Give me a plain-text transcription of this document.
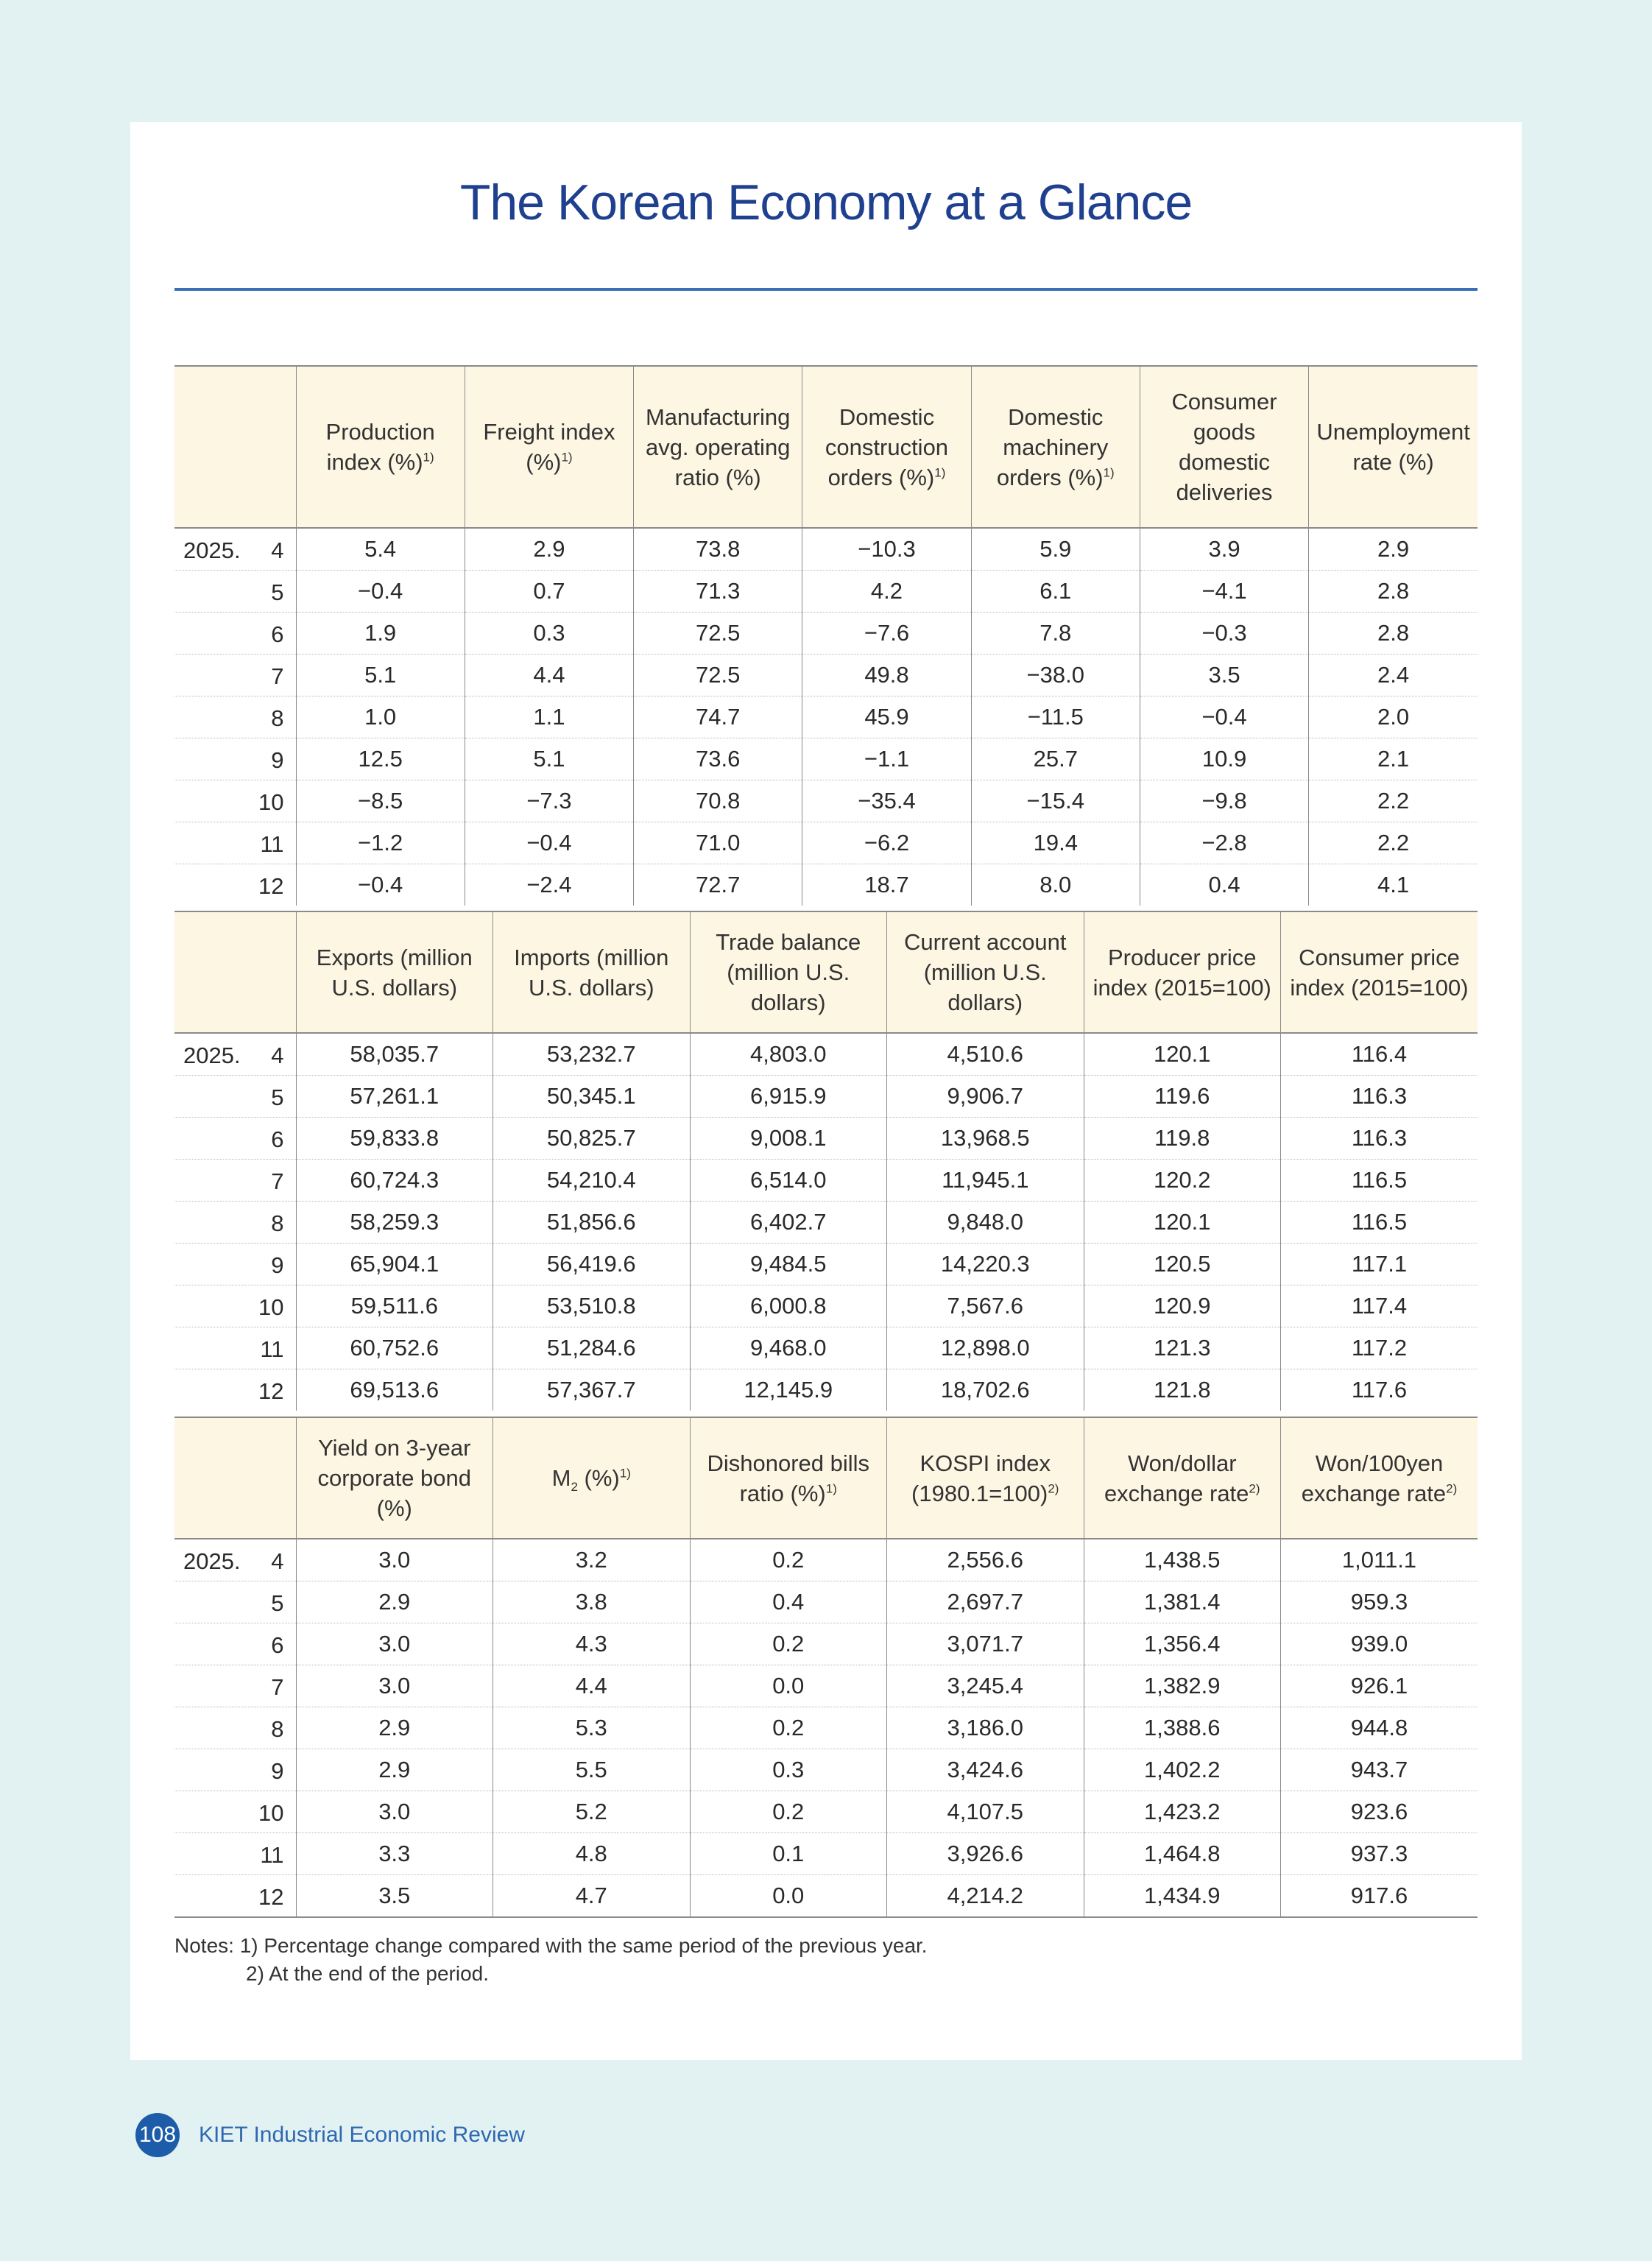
The Korean Economy at a Glance
	Production index (%)$^{1)}$	Freight index (%)$^{1)}$	Manufacturing avg. operating ratio (%)	Domestic construction orders (%)$^{1)}$	Domestic machinery orders (%)$^{1)}$	Consumer goods domestic deliveries	Unemployment rate (%)

2025. 4	5.4	2.9	73.8	−10.3	5.9	3.9	2.9

5	−0.4	0.7	71.3	4.2	6.1	−4.1	2.8

6	1.9	0.3	72.5	−7.6	7.8	−0.3	2.8

7	5.1	4.4	72.5	49.8	−38.0	3.5	2.4

8	1.0	1.1	74.7	45.9	−11.5	−0.4	2.0

9	12.5	5.1	73.6	−1.1	25.7	10.9	2.1

10	−8.5	−7.3	70.8	−35.4	−15.4	−9.8	2.2

11	−1.2	−0.4	71.0	−6.2	19.4	−2.8	2.2

12	−0.4	−2.4	72.7	18.7	8.0	0.4	4.1
	Exports (million U.S. dollars)	Imports (million U.S. dollars)	Trade balance (million U.S. dollars)	Current account (million U.S. dollars)	Producer price index (2015=100)	Consumer price index (2015=100)

2025. 4	58,035.7	53,232.7	4,803.0	4,510.6	120.1	116.4

5	57,261.1	50,345.1	6,915.9	9,906.7	119.6	116.3

6	59,833.8	50,825.7	9,008.1	13,968.5	119.8	116.3

7	60,724.3	54,210.4	6,514.0	11,945.1	120.2	116.5

8	58,259.3	51,856.6	6,402.7	9,848.0	120.1	116.5

9	65,904.1	56,419.6	9,484.5	14,220.3	120.5	117.1

10	59,511.6	53,510.8	6,000.8	7,567.6	120.9	117.4

11	60,752.6	51,284.6	9,468.0	12,898.0	121.3	117.2

12	69,513.6	57,367.7	12,145.9	18,702.6	121.8	117.6
	Yield on 3-year corporate bond (%)	$M_2$ (%)$^{1)}$	Dishonored bills ratio (%)$^{1)}$	KOSPI index (1980.1=100)$^{2)}$	Won/dollar exchange rate$^{2)}$	Won/100yen exchange rate$^{2)}$

2025. 4	3.0	3.2	0.2	2,556.6	1,438.5	1,011.1

5	2.9	3.8	0.4	2,697.7	1,381.4	959.3

6	3.0	4.3	0.2	3,071.7	1,356.4	939.0

7	3.0	4.4	0.0	3,245.4	1,382.9	926.1

8	2.9	5.3	0.2	3,186.0	1,388.6	944.8

9	2.9	5.5	0.3	3,424.6	1,402.2	943.7

10	3.0	5.2	0.2	4,107.5	1,423.2	923.6

11	3.3	4.8	0.1	3,926.6	1,464.8	937.3

12	3.5	4.7	0.0	4,214.2	1,434.9	917.6
Notes: 1) Percentage change compared with the same period of the previous year.
2) At the end of the period.
108 KIET Industrial Economic Review
